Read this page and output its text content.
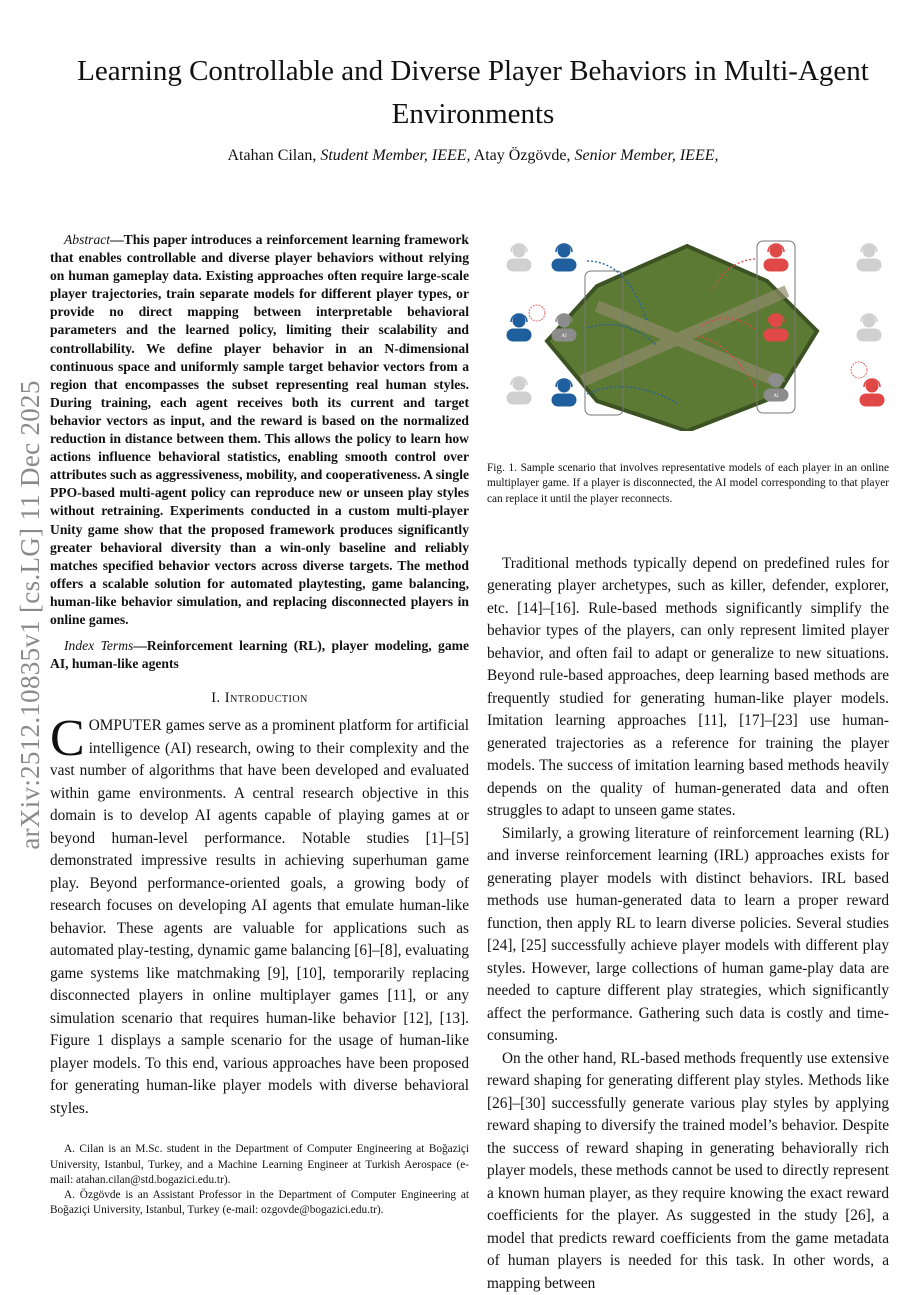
arXiv:2512.10835v1 [cs.LG] 11 Dec 2025
Learning Controllable and Diverse Player Behaviors in Multi-Agent Environments
Atahan Cilan, Student Member, IEEE, Atay Özgövde, Senior Member, IEEE,

Abstract—This paper introduces a reinforcement learning framework that enables controllable and diverse player behaviors without relying on human gameplay data. Existing approaches often require large-scale player trajectories, train separate models for different player types, or provide no direct mapping between interpretable behavioral parameters and the learned policy, limiting their scalability and controllability. We define player behavior in an N-dimensional continuous space and uniformly sample target behavior vectors from a region that encompasses the subset representing real human styles. During training, each agent receives both its current and target behavior vectors as input, and the reward is based on the normalized reduction in distance between them. This allows the policy to learn how actions influence behavioral statistics, enabling smooth control over attributes such as aggressiveness, mobility, and cooperativeness. A single PPO-based multi-agent policy can reproduce new or unseen play styles without retraining. Experiments conducted in a custom multi-player Unity game show that the proposed framework produces significantly greater behavioral diversity than a win-only baseline and reliably matches specified behavior vectors across diverse targets. The method offers a scalable solution for automated playtesting, game balancing, human-like behavior simulation, and replacing disconnected players in online games.

Index Terms—Reinforcement learning (RL), player modeling, game AI, human-like agents

I. Introduction
COMPUTER games serve as a prominent platform for artificial intelligence (AI) research, owing to their complexity and the vast number of algorithms that have been developed and evaluated within game environments. A central research objective in this domain is to develop AI agents capable of playing games at or beyond human-level performance. Notable studies [1]–[5] demonstrated impressive results in achieving superhuman game play. Beyond performance-oriented goals, a growing body of research focuses on developing AI agents that emulate human-like behavior. These agents are valuable for applications such as automated play-testing, dynamic game balancing [6]–[8], evaluating game systems like matchmaking [9], [10], temporarily replacing disconnected players in online multiplayer games [11], or any simulation scenario that requires human-like behavior [12], [13]. Figure 1 displays a sample scenario for the usage of human-like player models. To this end, various approaches have been proposed for generating human-like player models with diverse behavioral styles.

A. Cilan is an M.Sc. student in the Department of Computer Engineering at Boğaziçi University, Istanbul, Turkey, and a Machine Learning Engineer at Turkish Aerospace (e-mail: atahan.cilan@std.bogazici.edu.tr).

A. Özgövde is an Assistant Professor in the Department of Computer Engineering at Boğaziçi University, Istanbul, Turkey (e-mail: ozgovde@bogazici.edu.tr).

AI
AI
Fig. 1. Sample scenario that involves representative models of each player in an online multiplayer game. If a player is disconnected, the AI model corresponding to that player can replace it until the player reconnects.

Traditional methods typically depend on predefined rules for generating player archetypes, such as killer, defender, explorer, etc. [14]–[16]. Rule-based methods significantly simplify the behavior types of the players, can only represent limited player behavior, and often fail to adapt or generalize to new situations. Beyond rule-based approaches, deep learning based methods are frequently studied for generating human-like player models. Imitation learning approaches [11], [17]–[23] use human-generated trajectories as a reference for training the player models. The success of imitation learning based methods heavily depends on the quality of human-generated data and often struggles to adapt to unseen game states.

Similarly, a growing literature of reinforcement learning (RL) and inverse reinforcement learning (IRL) approaches exists for generating player models with distinct behaviors. IRL based methods use human-generated data to learn a proper reward function, then apply RL to learn diverse policies. Several studies [24], [25] successfully achieve player models with different play styles. However, large collections of human game-play data are needed to capture different play strategies, which significantly affect the performance. Gathering such data is costly and time-consuming.

On the other hand, RL-based methods frequently use extensive reward shaping for generating different play styles. Methods like [26]–[30] successfully generate various play styles by applying reward shaping to diversify the trained model’s behavior. Despite the success of reward shaping in generating behaviorally rich player models, these methods cannot be used to directly represent a known human player, as they require knowing the exact reward coefficients for the player. As suggested in the study [26], a model that predicts reward coefficients from the game metadata of human players is needed for this task. In other words, a mapping between
